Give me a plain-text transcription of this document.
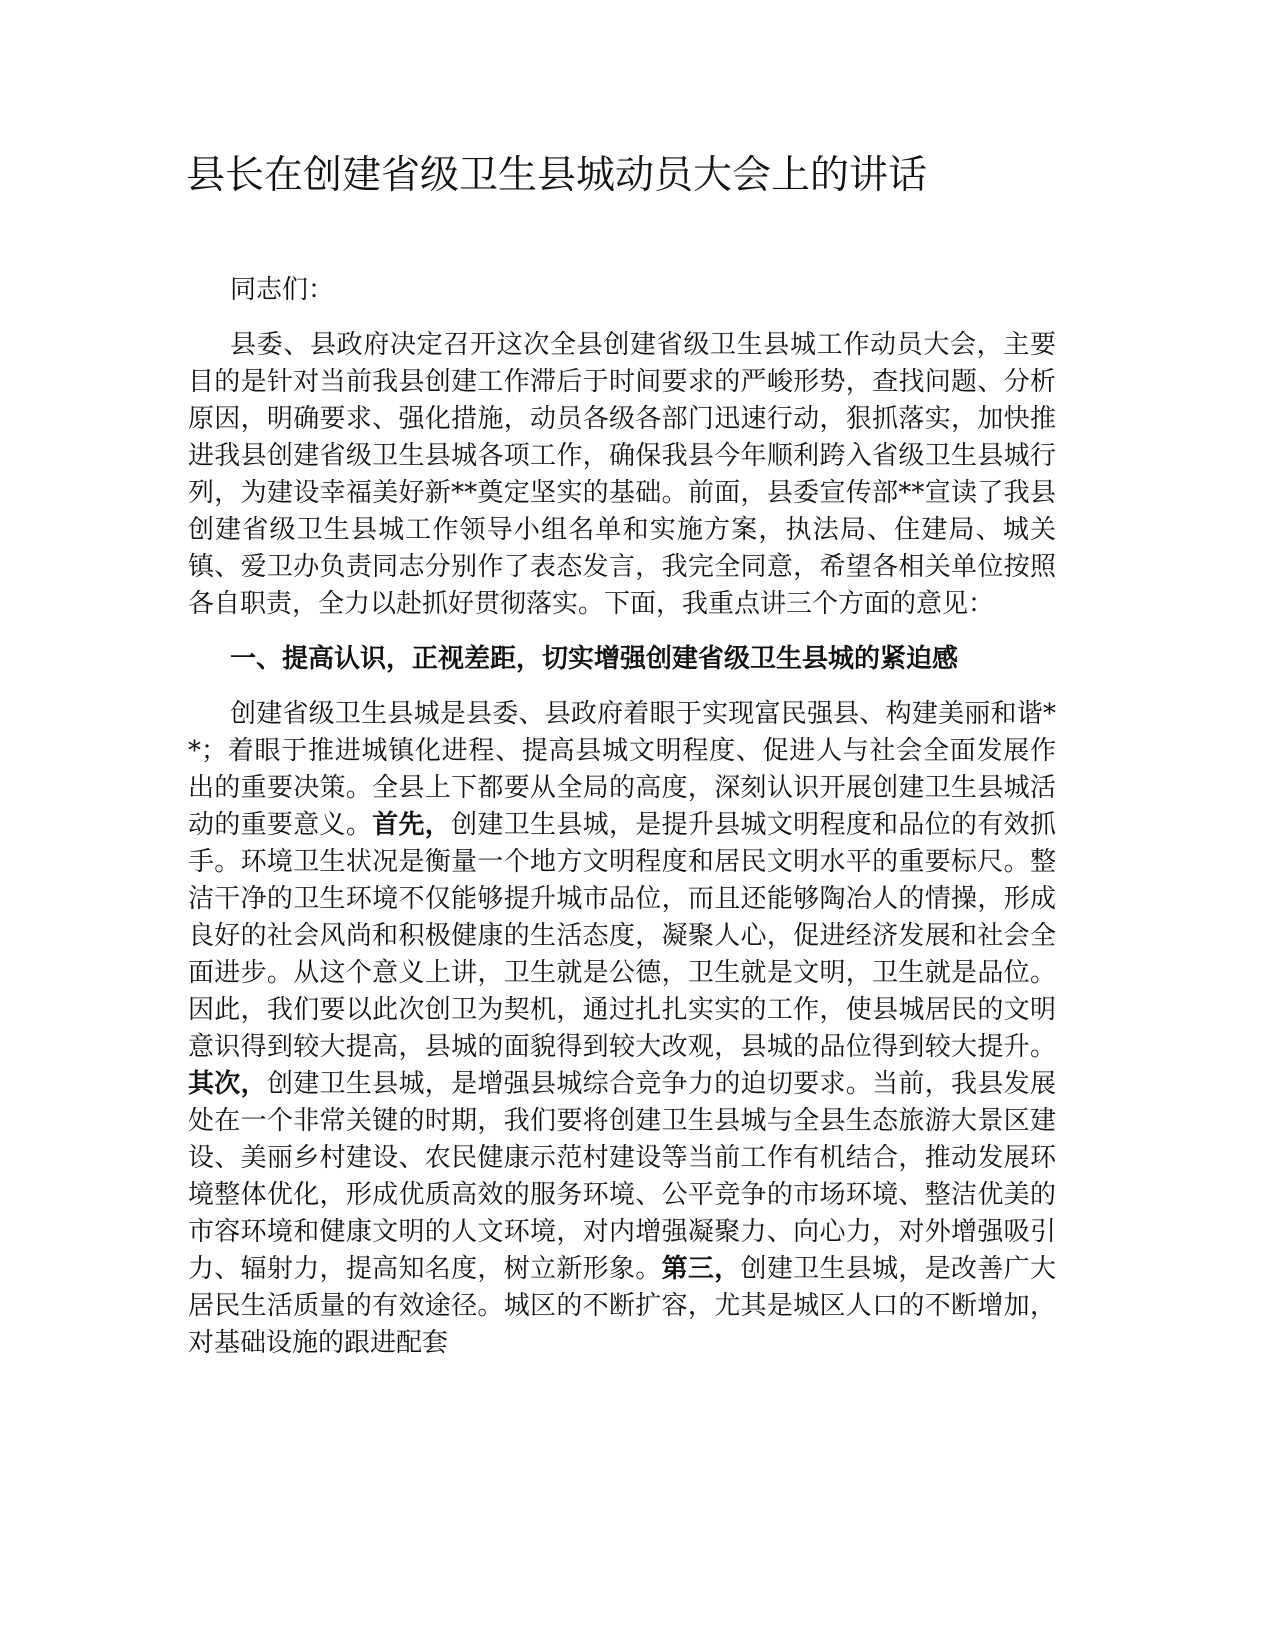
县长在创建省级卫生县城动员大会上的讲话

同志们：

县委、县政府决定召开这次全县创建省级卫生县城工作动员大会，主要目的是针对当前我县创建工作滞后于时间要求的严峻形势，查找问题、分析原因，明确要求、强化措施，动员各级各部门迅速行动，狠抓落实，加快推进我县创建省级卫生县城各项工作，确保我县今年顺利跨入省级卫生县城行列，为建设幸福美好新**奠定坚实的基础。前面，县委宣传部**宣读了我县创建省级卫生县城工作领导小组名单和实施方案，执法局、住建局、城关镇、爱卫办负责同志分别作了表态发言，我完全同意，希望各相关单位按照各自职责，全力以赴抓好贯彻落实。下面，我重点讲三个方面的意见：

一、提高认识，正视差距，切实增强创建省级卫生县城的紧迫感

创建省级卫生县城是县委、县政府着眼于实现富民强县、构建美丽和谐**；着眼于推进城镇化进程、提高县城文明程度、促进人与社会全面发展作出的重要决策。全县上下都要从全局的高度，深刻认识开展创建卫生县城活动的重要意义。首先，创建卫生县城，是提升县城文明程度和品位的有效抓手。环境卫生状况是衡量一个地方文明程度和居民文明水平的重要标尺。整洁干净的卫生环境不仅能够提升城市品位，而且还能够陶冶人的情操，形成良好的社会风尚和积极健康的生活态度，凝聚人心，促进经济发展和社会全面进步。从这个意义上讲，卫生就是公德，卫生就是文明，卫生就是品位。因此，我们要以此次创卫为契机，通过扎扎实实的工作，使县城居民的文明意识得到较大提高，县城的面貌得到较大改观，县城的品位得到较大提升。其次，创建卫生县城，是增强县城综合竞争力的迫切要求。当前，我县发展处在一个非常关键的时期，我们要将创建卫生县城与全县生态旅游大景区建设、美丽乡村建设、农民健康示范村建设等当前工作有机结合，推动发展环境整体优化，形成优质高效的服务环境、公平竞争的市场环境、整洁优美的市容环境和健康文明的人文环境，对内增强凝聚力、向心力，对外增强吸引力、辐射力，提高知名度，树立新形象。第三，创建卫生县城，是改善广大居民生活质量的有效途径。城区的不断扩容，尤其是城区人口的不断增加，对基础设施的跟进配套
